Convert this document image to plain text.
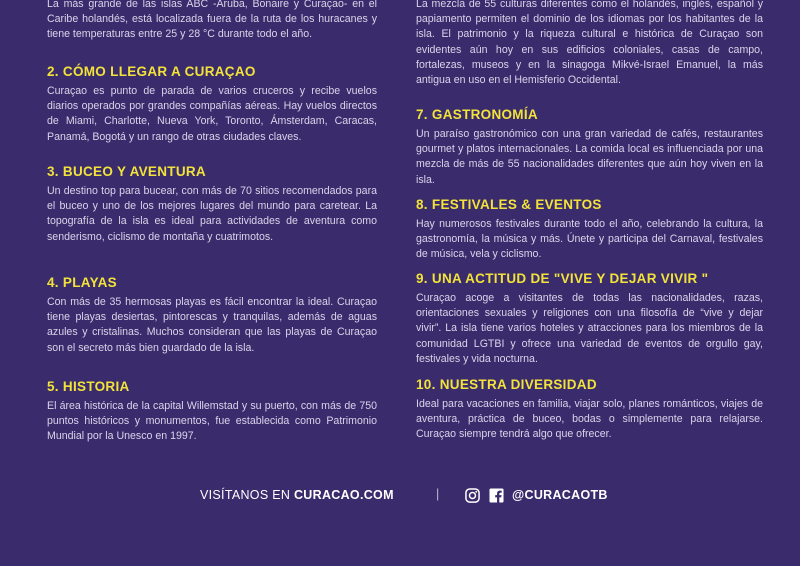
La más grande de las islas ABC -Aruba, Bonaire y Curaçao- en el Caribe holandés, está localizada fuera de la ruta de los huracanes y tiene temperaturas entre 25 y 28 °C durante todo el año.

2. CÓMO LLEGAR A CURAÇAO

Curaçao es punto de parada de varios cruceros y recibe vuelos diarios operados por grandes compañías aéreas. Hay vuelos directos de Miami, Charlotte, Nueva York, Toronto, Ámsterdam, Caracas, Panamá, Bogotá y un rango de otras ciudades claves.

3. BUCEO Y AVENTURA

Un destino top para bucear, con más de 70 sitios recomendados para el buceo y uno de los mejores lugares del mundo para caretear. La topografía de la isla es ideal para actividades de aventura como senderismo, ciclismo de montaña y cuatrimotos.

4. PLAYAS

Con más de 35 hermosas playas es fácil encontrar la ideal. Curaçao tiene playas desiertas, pintorescas y tranquilas, además de aguas azules y cristalinas. Muchos consideran que las playas de Curaçao son el secreto más bien guardado de la isla.

5. HISTORIA

El área histórica de la capital Willemstad y su puerto, con más de 750 puntos históricos y monumentos, fue establecida como Patrimonio Mundial por la Unesco en 1997.

La mezcla de 55 culturas diferentes como el holandés, inglés, español y papiamento permiten el dominio de los idiomas por los habitantes de la isla. El patrimonio y la riqueza cultural e histórica de Curaçao son evidentes aún hoy en sus edificios coloniales, casas de campo, fortalezas, museos y en la sinagoga Mikvé-Israel Emanuel, la más antigua en uso en el Hemisferio Occidental.

7. GASTRONOMÍA

Un paraíso gastronómico con una gran variedad de cafés, restaurantes gourmet y platos internacionales. La comida local es influenciada por una mezcla de más de 55 nacionalidades diferentes que aún hoy viven en la isla.

8. FESTIVALES & EVENTOS

Hay numerosos festivales durante todo el año, celebrando la cultura, la gastronomía, la música y más. Únete y participa del Carnaval, festivales de música, vela y ciclismo.

9. UNA ACTITUD DE "VIVE Y DEJAR VIVIR "

Curaçao acoge a visitantes de todas las nacionalidades, razas, orientaciones sexuales y religiones con una filosofía de “vive y dejar vivir”. La isla tiene varios hoteles y atracciones para los miembros de la comunidad LGTBI y ofrece una variedad de eventos de orgullo gay, festivales y vida nocturna.

10. NUESTRA DIVERSIDAD

Ideal para vacaciones en familia, viajar solo, planes románticos, viajes de aventura, práctica de buceo, bodas o simplemente para relajarse. Curaçao siempre tendrá algo que ofrecer.

VISÍTANOS EN CURACAO.COM	|	@CURACAOTB
